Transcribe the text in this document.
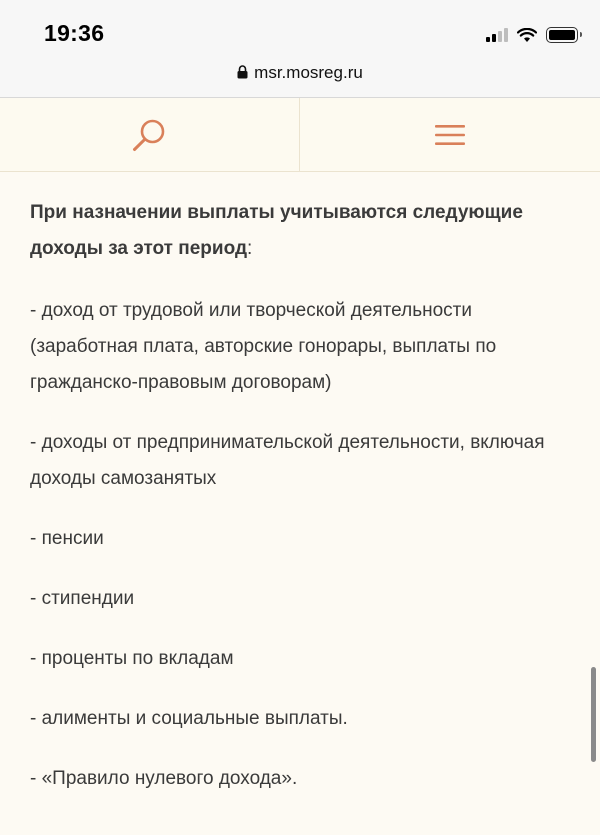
19:36
msr.mosreg.ru

При назначении выплаты учитываются следующие доходы за этот период:

- доход от трудовой или творческой деятельности (заработная плата, авторские гонорары, выплаты по гражданско-правовым договорам)

- доходы от предпринимательской деятельности, включая доходы самозанятых

- пенсии

- стипендии

- проценты по вкладам

- алименты и социальные выплаты.

- «Правило нулевого дохода».
